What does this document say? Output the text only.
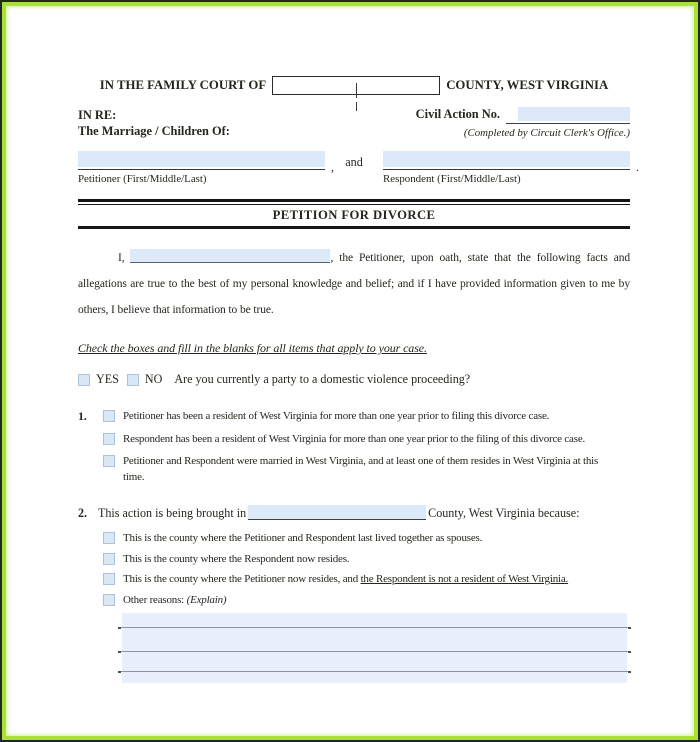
IN THE FAMILY COURT OF	COUNTY, WEST VIRGINIA
IN RE:
The Marriage / Children Of:
Civil Action No.
(Completed by Circuit Clerk's Office.)
,
Petitioner (First/Middle/Last)
and	.
Respondent (First/Middle/Last)
PETITION FOR DIVORCE
I,	, the Petitioner, upon oath, state that the following facts and allegations are true to the best of my personal knowledge and belief; and if I have provided information given to me by others, I believe that information to be true.
Check the boxes and fill in the blanks for all items that apply to your case.
YES NO Are you currently a party to a domestic violence proceeding?
1.	Petitioner has been a resident of West Virginia for more than one year prior to filing this divorce case.
Respondent has been a resident of West Virginia for more than one year prior to the filing of this divorce case.
Petitioner and Respondent were married in West Virginia, and at least one of them resides in West Virginia at this time.
2. This action is being brought in	County, West Virginia because:
This is the county where the Petitioner and Respondent last lived together as spouses.
This is the county where the Respondent now resides.
This is the county where the Petitioner now resides, and the Respondent is not a resident of West Virginia.
Other reasons: (Explain)
